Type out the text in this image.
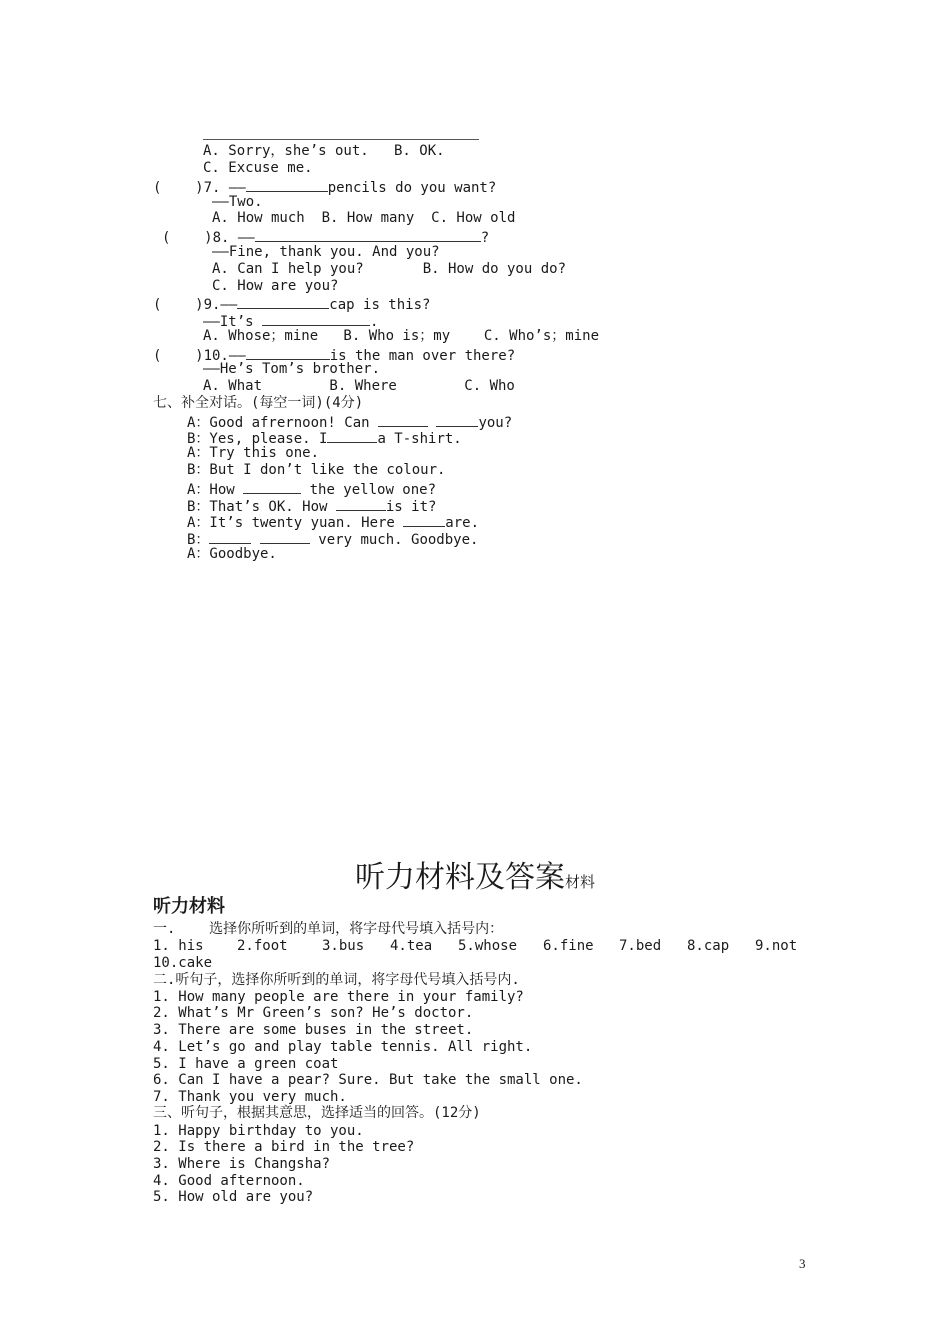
A. Sorry，she’s out.   B. OK.
C. Excuse me.
(    )7. ——	pencils do you want?
——Two.
A. How much  B. How many  C. How old
(    )8. ——	?
——Fine, thank you. And you?
A. Can I help you?       B. How do you do?
C. How are you?
(    )9.——	cap is this?
——It’s	.
A. Whose；mine   B. Who is；my    C. Who’s；mine
(    )10.——	is the man over there?
——He’s Tom’s brother.
A. What        B. Where        C. Who
七、补全对话。(每空一词)(4分)
A：Good afrernoon! Can	you?
B：Yes, please. I	a T-shirt.
A：Try this one.
B：But I don’t like the colour.
A：How	the yellow one?
B：That’s OK. How	is it?
A：It’s twenty yuan. Here	are.
B：	very much. Goodbye.
A：Goodbye.
听力材料及答案材料
听力材料
一.    选择你所听到的单词，将字母代号填入括号内：
1. his 2.foot 3.bus 4.tea 5.whose 6.fine 7.bed 8.cap 9.not
10.cake
二.听句子，选择你所听到的单词，将字母代号填入括号内.
1. How many people are there in your family?
2. What’s Mr Green’s son? He’s doctor.
3. There are some buses in the street.
4. Let’s go and play table tennis. All right.
5. I have a green coat
6. Can I have a pear? Sure. But take the small one.
7. Thank you very much.
三、听句子，根据其意思，选择适当的回答。(12分)
1. Happy birthday to you.
2. Is there a bird in the tree?
3. Where is Changsha?
4. Good afternoon.
5. How old are you?
3
